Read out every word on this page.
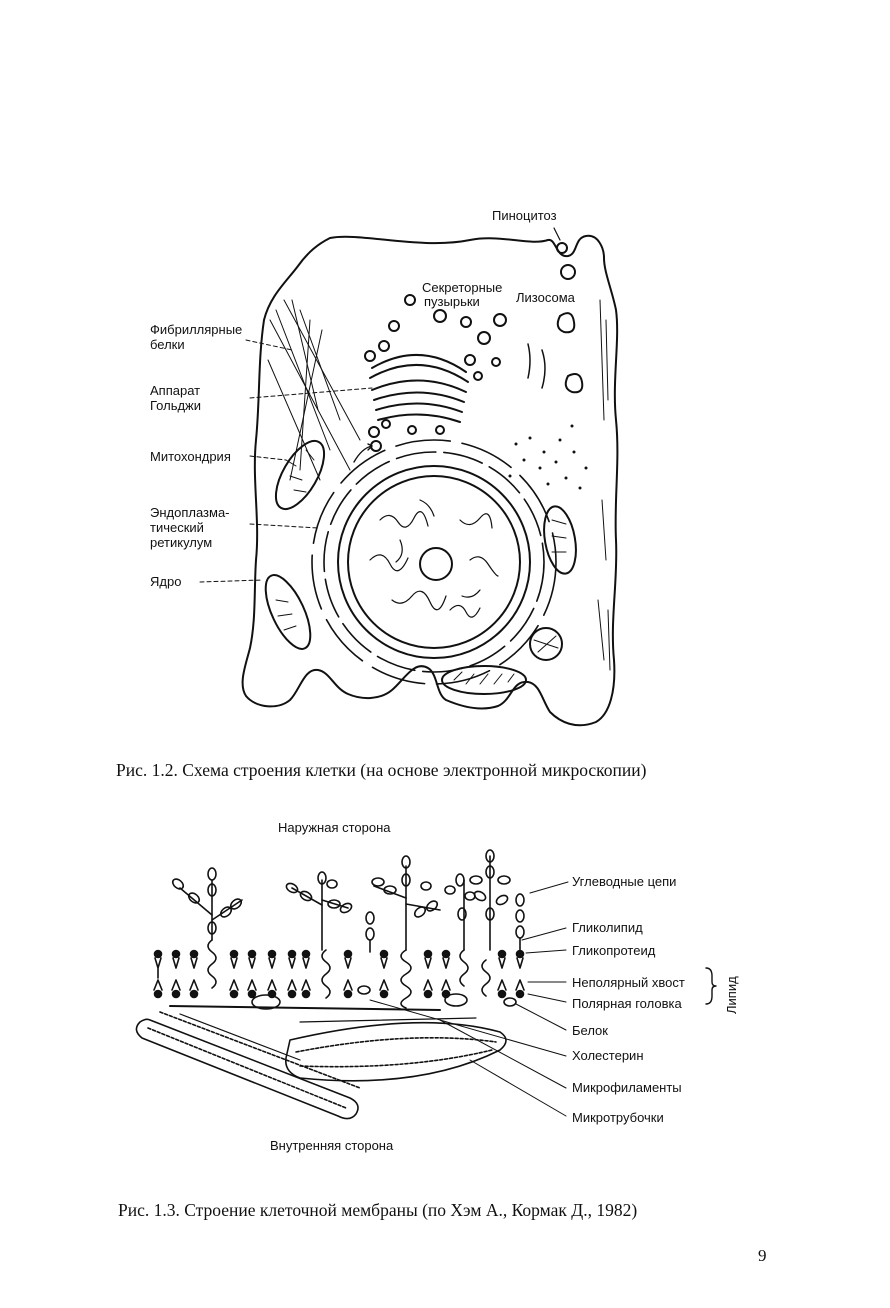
Пиноцитоз
Секреторные
пузырьки	Лизосома
Фибриллярные
белки
Аппарат
Гольджи
Митохондрия
Эндоплазма-
тический
ретикулум
Ядро
Рис. 1.2. Схема строения клетки (на основе электронной микроскопии)
Наружная сторона
Углеводные цепи
Гликолипид
Гликопротеид
Неполярный хвост
Полярная головка	Липид
Белок
Холестерин
Микрофиламенты
Микротрубочки
Внутренняя сторона
Рис. 1.3. Строение клеточной мембраны (по Хэм А., Кормак Д., 1982)
9
